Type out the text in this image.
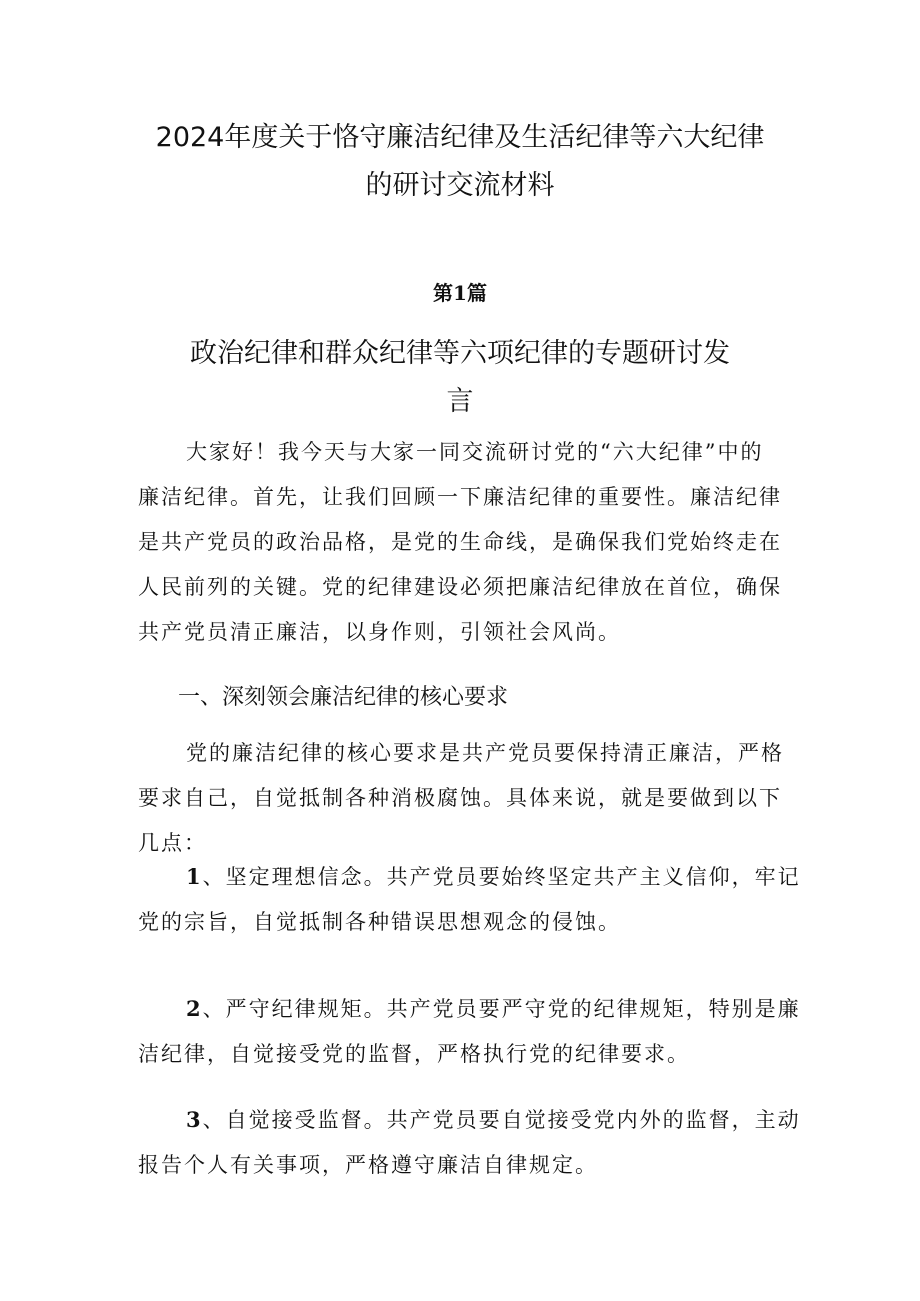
2024年度关于恪守廉洁纪律及生活纪律等六大纪律
的研讨交流材料
第1篇
政治纪律和群众纪律等六项纪律的专题研讨发
言
大家好！我今天与大家一同交流研讨党的“六大纪律”中的
廉洁纪律。首先，让我们回顾一下廉洁纪律的重要性。廉洁纪律
是共产党员的政治品格，是党的生命线，是确保我们党始终走在
人民前列的关键。党的纪律建设必须把廉洁纪律放在首位，确保
共产党员清正廉洁，以身作则，引领社会风尚。
一、深刻领会廉洁纪律的核心要求
党的廉洁纪律的核心要求是共产党员要保持清正廉洁，严格
要求自己，自觉抵制各种消极腐蚀。具体来说，就是要做到以下
几点：
1、坚定理想信念。共产党员要始终坚定共产主义信仰，牢记
党的宗旨，自觉抵制各种错误思想观念的侵蚀。
2、严守纪律规矩。共产党员要严守党的纪律规矩，特别是廉
洁纪律，自觉接受党的监督，严格执行党的纪律要求。
3、自觉接受监督。共产党员要自觉接受党内外的监督，主动
报告个人有关事项，严格遵守廉洁自律规定。
